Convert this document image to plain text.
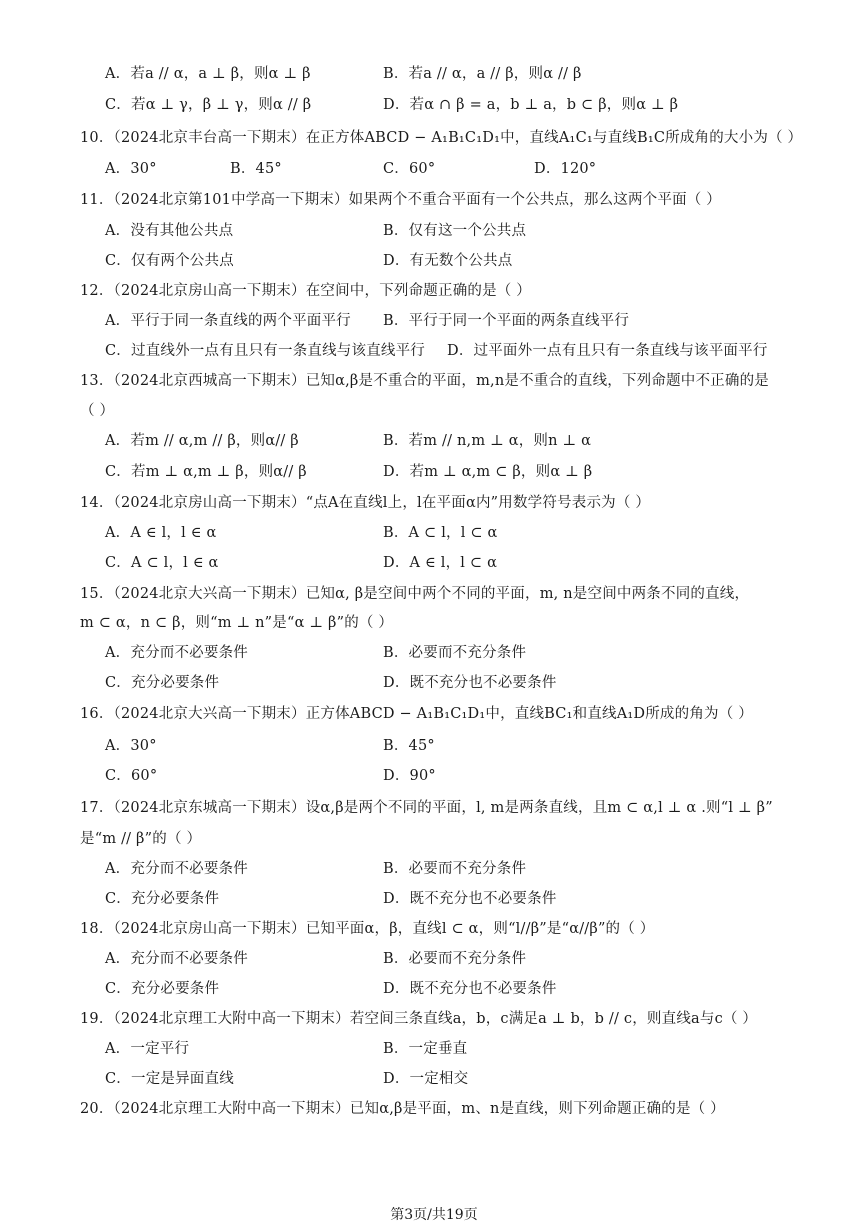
A．若a // α，a ⊥ β，则α ⊥ β	B．若a // α，a // β，则α // β
C．若α ⊥ γ，β ⊥ γ，则α // β	D．若α ∩ β = a，b ⊥ a，b ⊂ β，则α ⊥ β
10．（2024北京丰台高一下期末）在正方体ABCD − A₁B₁C₁D₁中，直线A₁C₁与直线B₁C所成角的大小为（ ）
A．30°	B．45°	C．60°	D．120°
11．（2024北京第101中学高一下期末）如果两个不重合平面有一个公共点，那么这两个平面（ ）
A．没有其他公共点	B．仅有这一个公共点
C．仅有两个公共点	D．有无数个公共点
12．（2024北京房山高一下期末）在空间中，下列命题正确的是（ ）
A．平行于同一条直线的两个平面平行 B．平行于同一个平面的两条直线平行
C．过直线外一点有且只有一条直线与该直线平行 D．过平面外一点有且只有一条直线与该平面平行
13．（2024北京西城高一下期末）已知α,β是不重合的平面，m,n是不重合的直线，下列命题中不正确的是
（ ）
A．若m // α,m // β，则α// β	B．若m // n,m ⊥ α，则n ⊥ α
C．若m ⊥ α,m ⊥ β，则α// β	D．若m ⊥ α,m ⊂ β，则α ⊥ β
14．（2024北京房山高一下期末）“点A在直线l上，l在平面α内”用数学符号表示为（ ）
A．A ∈ l，l ∈ α	B．A ⊂ l，l ⊂ α
C．A ⊂ l，l ∈ α	D．A ∈ l，l ⊂ α
15．（2024北京大兴高一下期末）已知α, β是空间中两个不同的平面，m, n是空间中两条不同的直线，
m ⊂ α，n ⊂ β，则“m ⊥ n”是“α ⊥ β”的（ ）
A．充分而不必要条件	B．必要而不充分条件
C．充分必要条件	D．既不充分也不必要条件
16．（2024北京大兴高一下期末）正方体ABCD − A₁B₁C₁D₁中，直线BC₁和直线A₁D所成的角为（ ）
A．30°	B．45°
C．60°	D．90°
17．（2024北京东城高一下期末）设α,β是两个不同的平面，l, m是两条直线，且m ⊂ α,l ⊥ α .则“l ⊥ β”
是“m // β”的（ ）
A．充分而不必要条件	B．必要而不充分条件
C．充分必要条件	D．既不充分也不必要条件
18．（2024北京房山高一下期末）已知平面α，β，直线l ⊂ α，则“l//β”是“α//β”的（ ）
A．充分而不必要条件	B．必要而不充分条件
C．充分必要条件	D．既不充分也不必要条件
19．（2024北京理工大附中高一下期末）若空间三条直线a，b，c满足a ⊥ b，b // c，则直线a与c（ ）
A．一定平行	B．一定垂直
C．一定是异面直线	D．一定相交
20．（2024北京理工大附中高一下期末）已知α,β是平面，m、n是直线，则下列命题正确的是（ ）
第3页/共19页
